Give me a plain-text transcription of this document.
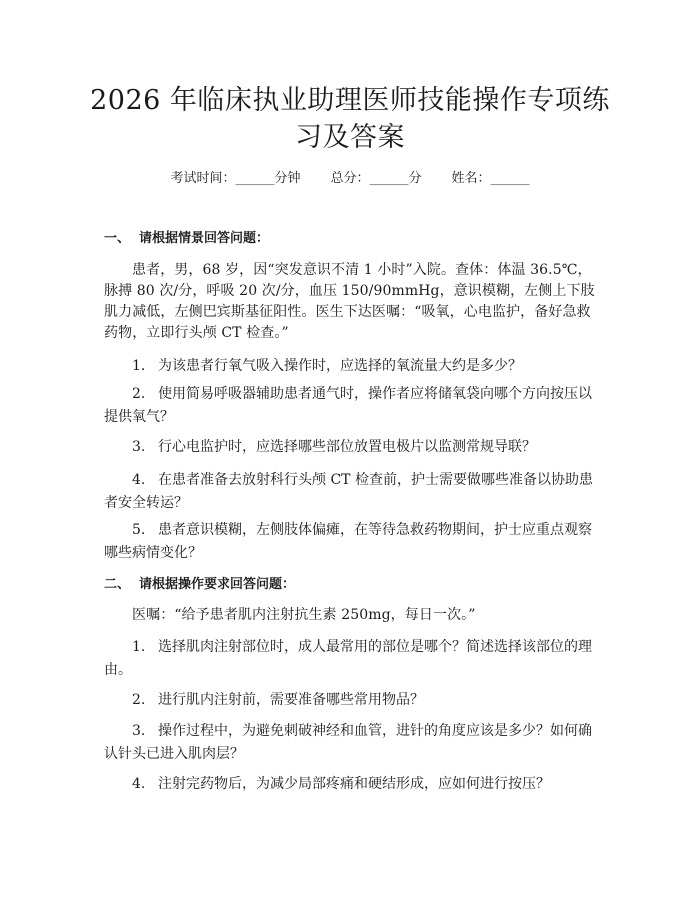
2026 年临床执业助理医师技能操作专项练习及答案
考试时间：______分钟 总分：______分 姓名：______

一、  请根据情景回答问题：

患者，男，68 岁，因“突发意识不清 1 小时”入院。查体：体温 36.5℃，脉搏 80 次/分，呼吸 20 次/分，血压 150/90mmHg，意识模糊，左侧上下肢肌力减低，左侧巴宾斯基征阳性。医生下达医嘱：“吸氧，心电监护，备好急救药物，立即行头颅 CT 检查。”

1. 为该患者行氧气吸入操作时，应选择的氧流量大约是多少？

2. 使用简易呼吸器辅助患者通气时，操作者应将储氧袋向哪个方向按压以提供氧气？

3. 行心电监护时，应选择哪些部位放置电极片以监测常规导联？

4. 在患者准备去放射科行头颅 CT 检查前，护士需要做哪些准备以协助患者安全转运？

5. 患者意识模糊，左侧肢体偏瘫，在等待急救药物期间，护士应重点观察哪些病情变化？

二、  请根据操作要求回答问题：

医嘱：“给予患者肌内注射抗生素 250mg，每日一次。”

1. 选择肌肉注射部位时，成人最常用的部位是哪个？简述选择该部位的理由。

2. 进行肌内注射前，需要准备哪些常用物品？

3. 操作过程中，为避免刺破神经和血管，进针的角度应该是多少？如何确认针头已进入肌肉层？

4. 注射完药物后，为减少局部疼痛和硬结形成，应如何进行按压？
